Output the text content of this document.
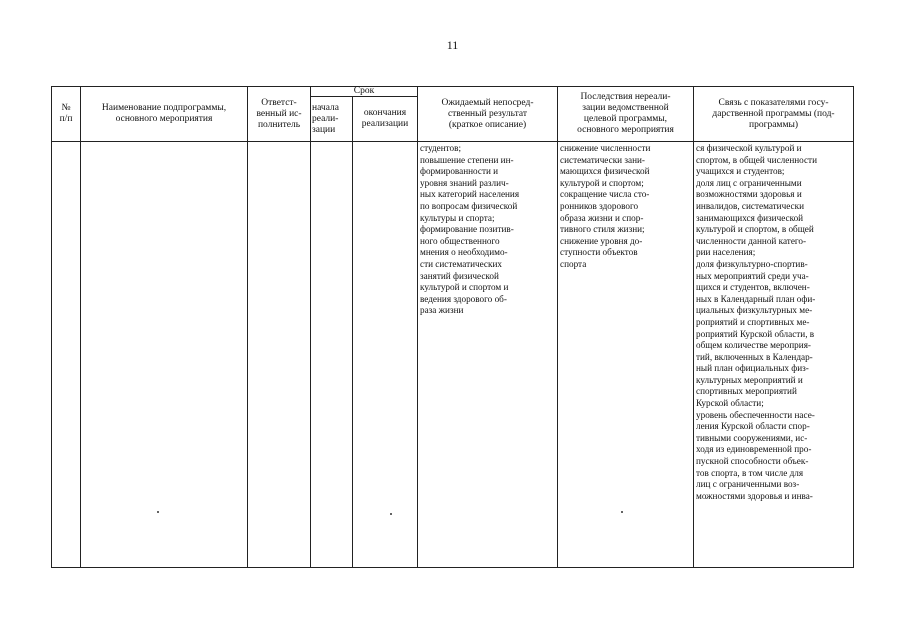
11
№
п/п
Наименование подпрограммы,
основного мероприятия
Ответст-
венный ис-
полнитель
Срок
начала
реали-
зации
окончания
реализации
Ожидаемый непосред-
ственный результат
(краткое описание)
Последствия нереали-
зации ведомственной
целевой программы,
основного мероприятия
Связь с показателями госу-
дарственной программы (под-
программы)
студентов;
повышение степени ин-
формированности и
уровня знаний различ-
ных категорий населения
по вопросам физической
культуры и спорта;
формирование позитив-
ного общественного
мнения о необходимо-
сти систематических
занятий физической
культурой и спортом и
ведения здорового об-
раза жизни
снижение численности
систематически зани-
мающихся физической
культурой и спортом;
сокращение числа сто-
ронников здорового
образа жизни и спор-
тивного стиля жизни;
снижение уровня до-
ступности объектов
спорта
ся физической культурой и
спортом, в общей численности
учащихся и студентов;
доля лиц с ограниченными
возможностями здоровья и
инвалидов, систематически
занимающихся физической
культурой и спортом, в общей
численности данной катего-
рии населения;
доля физкультурно-спортив-
ных мероприятий среди уча-
щихся и студентов, включен-
ных в Календарный план офи-
циальных физкультурных ме-
роприятий и спортивных ме-
роприятий Курской области, в
общем количестве мероприя-
тий, включенных в Календар-
ный план официальных физ-
культурных мероприятий и
спортивных мероприятий
Курской области;
уровень обеспеченности насе-
ления Курской области спор-
тивными сооружениями, ис-
ходя из единовременной про-
пускной способности объек-
тов спорта, в том числе для
лиц с ограниченными воз-
можностями здоровья и инва-
